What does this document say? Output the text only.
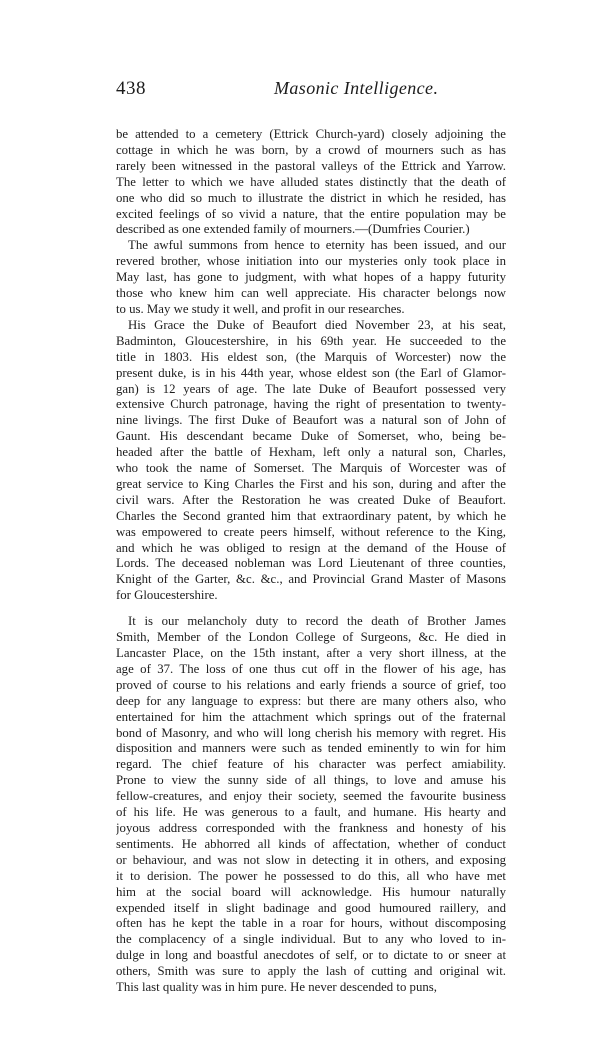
438	Masonic Intelligence.

be attended to a cemetery (Ettrick Church-yard) closely adjoining the
cottage in which he was born, by a crowd of mourners such as has
rarely been witnessed in the pastoral valleys of the Ettrick and Yarrow.
The letter to which we have alluded states distinctly that the death of
one who did so much to illustrate the district in which he resided, has
excited feelings of so vivid a nature, that the entire population may be
described as one extended family of mourners.—(Dumfries Courier.)

The awful summons from hence to eternity has been issued, and our
revered brother, whose initiation into our mysteries only took place in
May last, has gone to judgment, with what hopes of a happy futurity
those who knew him can well appreciate. His character belongs now
to us. May we study it well, and profit in our researches.

His Grace the Duke of Beaufort died November 23, at his seat,
Badminton, Gloucestershire, in his 69th year. He succeeded to the
title in 1803. His eldest son, (the Marquis of Worcester) now the
present duke, is in his 44th year, whose eldest son (the Earl of Glamor-
gan) is 12 years of age. The late Duke of Beaufort possessed very
extensive Church patronage, having the right of presentation to twenty-
nine livings. The first Duke of Beaufort was a natural son of John of
Gaunt. His descendant became Duke of Somerset, who, being be-
headed after the battle of Hexham, left only a natural son, Charles,
who took the name of Somerset. The Marquis of Worcester was of
great service to King Charles the First and his son, during and after the
civil wars. After the Restoration he was created Duke of Beaufort.
Charles the Second granted him that extraordinary patent, by which he
was empowered to create peers himself, without reference to the King,
and which he was obliged to resign at the demand of the House of
Lords. The deceased nobleman was Lord Lieutenant of three counties,
Knight of the Garter, &c. &c., and Provincial Grand Master of Masons
for Gloucestershire.

It is our melancholy duty to record the death of Brother James
Smith, Member of the London College of Surgeons, &c. He died in
Lancaster Place, on the 15th instant, after a very short illness, at the
age of 37. The loss of one thus cut off in the flower of his age, has
proved of course to his relations and early friends a source of grief, too
deep for any language to express: but there are many others also, who
entertained for him the attachment which springs out of the fraternal
bond of Masonry, and who will long cherish his memory with regret. His
disposition and manners were such as tended eminently to win for him
regard. The chief feature of his character was perfect amiability.
Prone to view the sunny side of all things, to love and amuse his
fellow-creatures, and enjoy their society, seemed the favourite business
of his life. He was generous to a fault, and humane. His hearty and
joyous address corresponded with the frankness and honesty of his
sentiments. He abhorred all kinds of affectation, whether of conduct
or behaviour, and was not slow in detecting it in others, and exposing
it to derision. The power he possessed to do this, all who have met
him at the social board will acknowledge. His humour naturally
expended itself in slight badinage and good humoured raillery, and
often has he kept the table in a roar for hours, without discomposing
the complacency of a single individual. But to any who loved to in-
dulge in long and boastful anecdotes of self, or to dictate to or sneer at
others, Smith was sure to apply the lash of cutting and original wit.
This last quality was in him pure. He never descended to puns,
